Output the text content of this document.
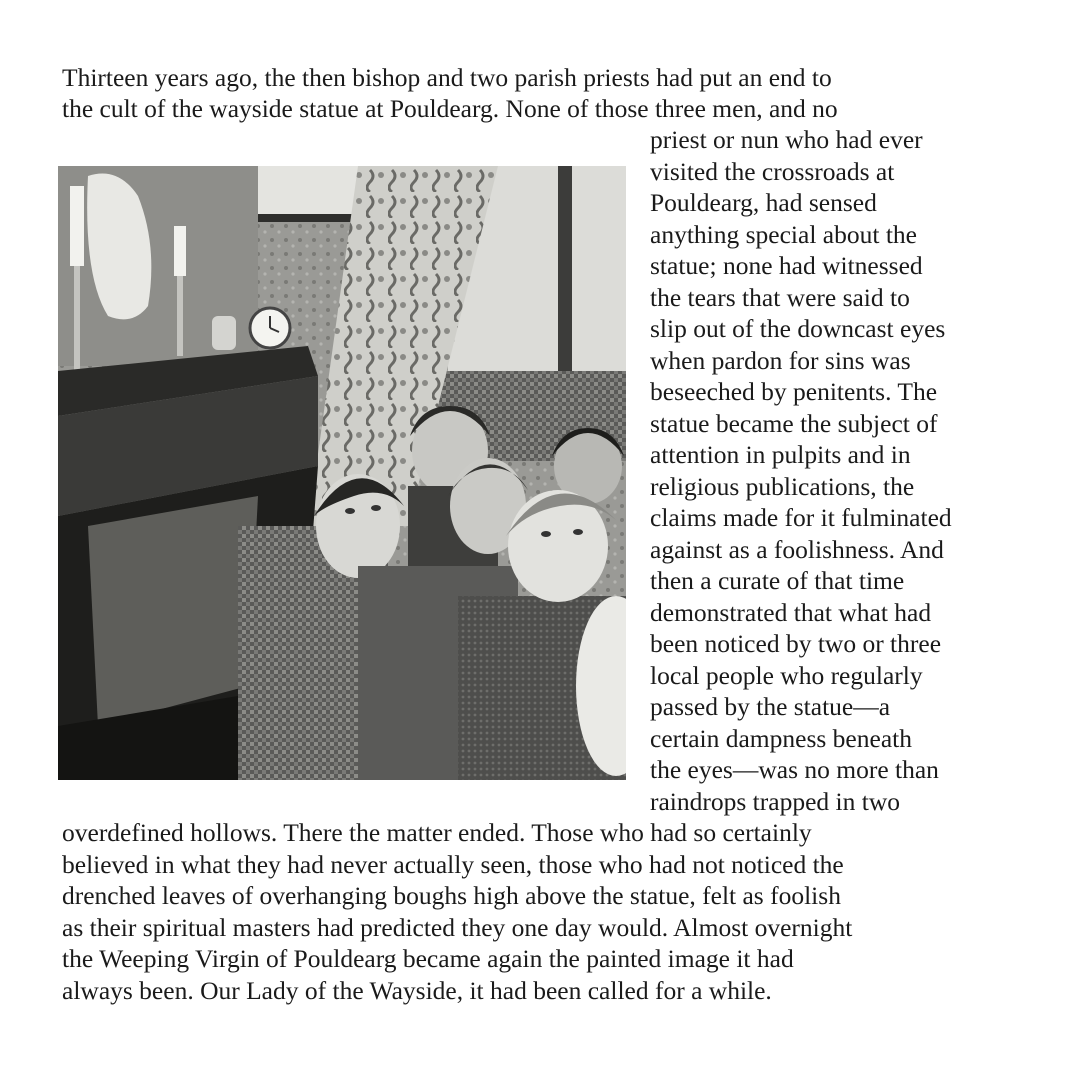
Thirteen years ago, the then bishop and two parish priests had put an end to

the cult of the wayside statue at Pouldearg. None of those three men, and no

priest or nun who had ever

visited the crossroads at

Pouldearg, had sensed

anything special about the

statue; none had witnessed

the tears that were said to

slip out of the downcast eyes

when pardon for sins was

beseeched by penitents. The

statue became the subject of

attention in pulpits and in

religious publications, the

claims made for it fulminated

against as a foolishness. And

then a curate of that time

demonstrated that what had

been noticed by two or three

local people who regularly

passed by the statue—a

certain dampness beneath

the eyes—was no more than

raindrops trapped in two

overdefined hollows. There the matter ended. Those who had so certainly

believed in what they had never actually seen, those who had not noticed the

drenched leaves of overhanging boughs high above the statue, felt as foolish

as their spiritual masters had predicted they one day would. Almost overnight

the Weeping Virgin of Pouldearg became again the painted image it had

always been. Our Lady of the Wayside, it had been called for a while.
